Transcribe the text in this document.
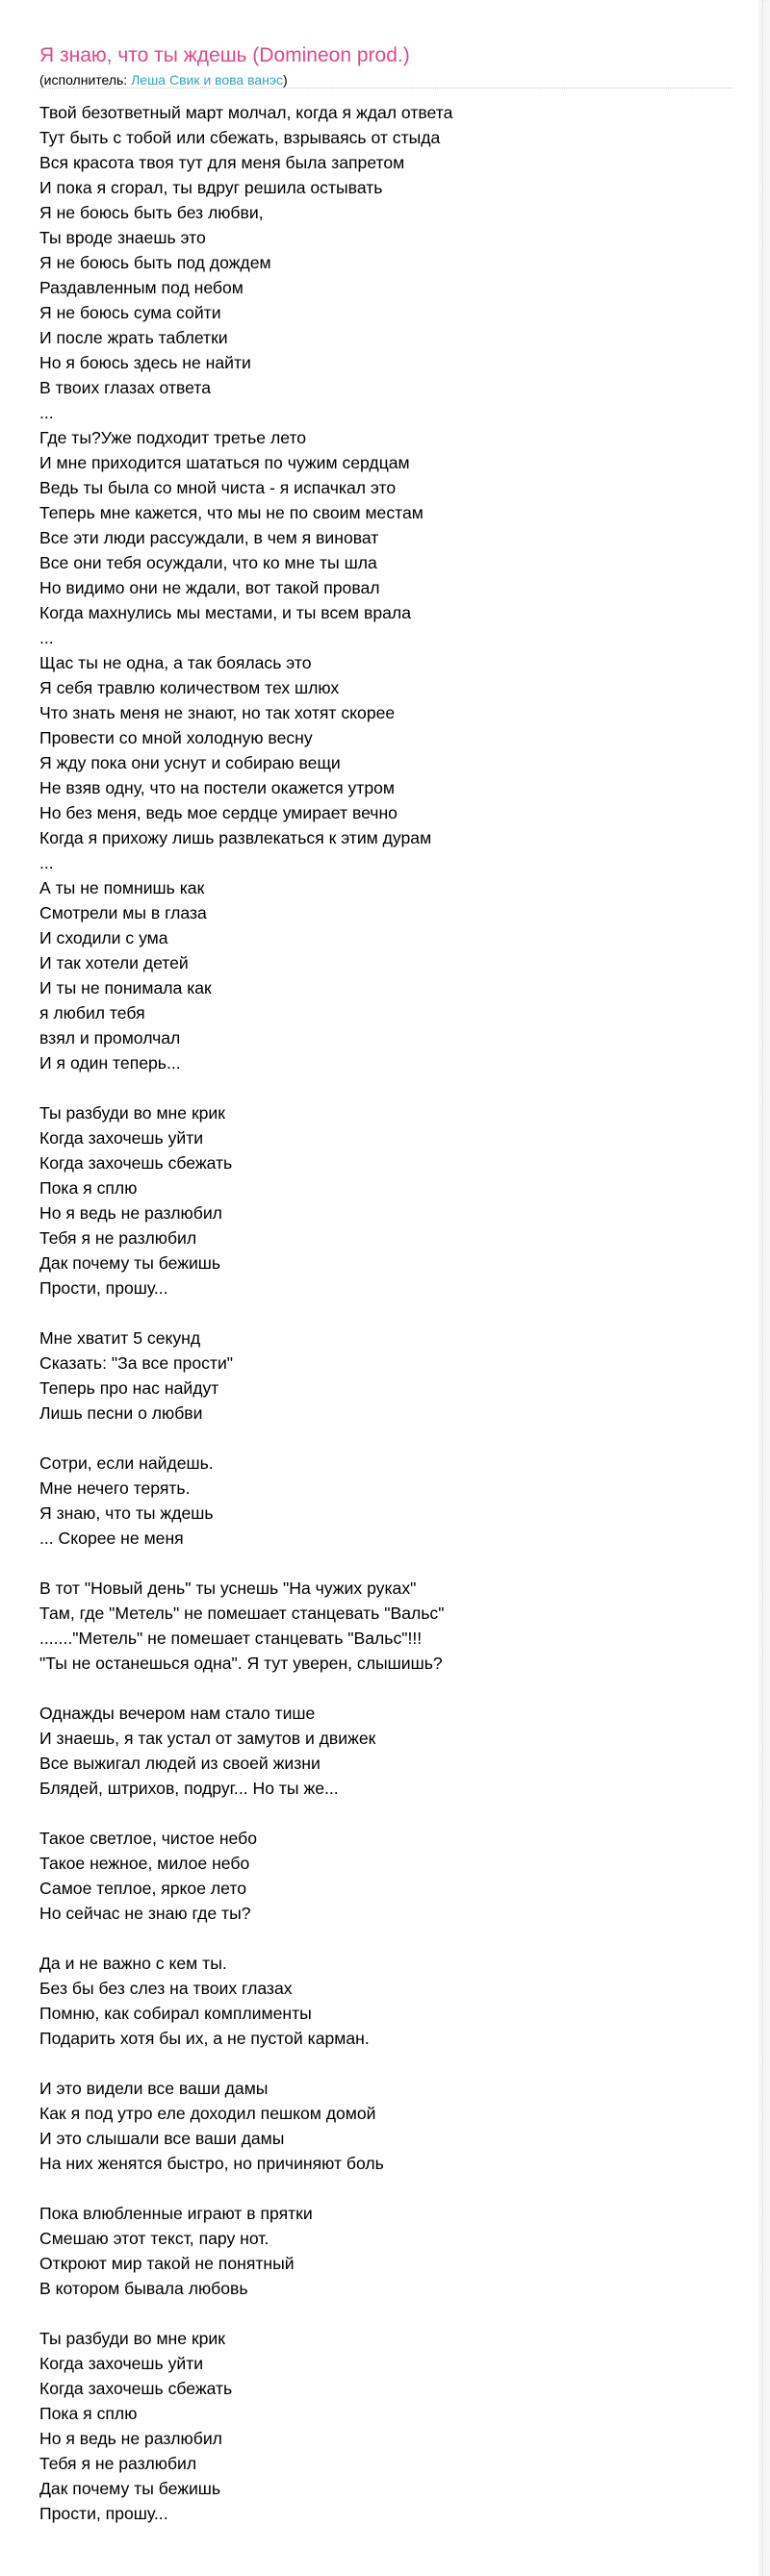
Я знаю, что ты ждешь (Domineon prod.)
(исполнитель: Леша Свик и вова ванэс)
Твой безответный март молчал, когда я ждал ответа
Тут быть с тобой или сбежать, взрываясь от стыда
Вся красота твоя тут для меня была запретом
И пока я сгорал, ты вдруг решила остывать
Я не боюсь быть без любви,
Ты вроде знаешь это
Я не боюсь быть под дождем
Раздавленным под небом
Я не боюсь сума сойти
И после жрать таблетки
Но я боюсь здесь не найти
В твоих глазах ответа
...
Где ты?Уже подходит третье лето
И мне приходится шататься по чужим сердцам
Ведь ты была со мной чиста - я испачкал это
Теперь мне кажется, что мы не по своим местам
Все эти люди рассуждали, в чем я виноват
Все они тебя осуждали, что ко мне ты шла
Но видимо они не ждали, вот такой провал
Когда махнулись мы местами, и ты всем врала
...
Щас ты не одна, а так боялась это
Я себя травлю количеством тех шлюх
Что знать меня не знают, но так хотят скорее
Провести со мной холодную весну
Я жду пока они уснут и собираю вещи
Не взяв одну, что на постели окажется утром
Но без меня, ведь мое сердце умирает вечно
Когда я прихожу лишь развлекаться к этим дурам
...
А ты не помнишь как
Смотрели мы в глаза
И сходили с ума
И так хотели детей
И ты не понимала как
я любил тебя
взял и промолчал
И я один теперь...
Ты разбуди во мне крик
Когда захочешь уйти
Когда захочешь сбежать
Пока я сплю
Но я ведь не разлюбил
Тебя я не разлюбил
Дак почему ты бежишь
Прости, прошу...
Мне хватит 5 секунд
Сказать: "За все прости"
Теперь про нас найдут
Лишь песни о любви
Сотри, если найдешь.
Мне нечего терять.
Я знаю, что ты ждешь
... Скорее не меня
В тот "Новый день" ты уснешь "На чужих руках"
Там, где "Метель" не помешает станцевать "Вальс"
......."Метель" не помешает станцевать "Вальс"!!!
"Ты не останешься одна". Я тут уверен, слышишь?
Однажды вечером нам стало тише
И знаешь, я так устал от замутов и движек
Все выжигал людей из своей жизни
Блядей, штрихов, подруг... Но ты же...
Такое светлое, чистое небо
Такое нежное, милое небо
Самое теплое, яркое лето
Но сейчас не знаю где ты?
Да и не важно с кем ты.
Без бы без слез на твоих глазах
Помню, как собирал комплименты
Подарить хотя бы их, а не пустой карман.
И это видели все ваши дамы
Как я под утро еле доходил пешком домой
И это слышали все ваши дамы
На них женятся быстро, но причиняют боль
Пока влюбленные играют в прятки
Смешаю этот текст, пару нот.
Откроют мир такой не понятный
В котором бывала любовь
Ты разбуди во мне крик
Когда захочешь уйти
Когда захочешь сбежать
Пока я сплю
Но я ведь не разлюбил
Тебя я не разлюбил
Дак почему ты бежишь
Прости, прошу...
